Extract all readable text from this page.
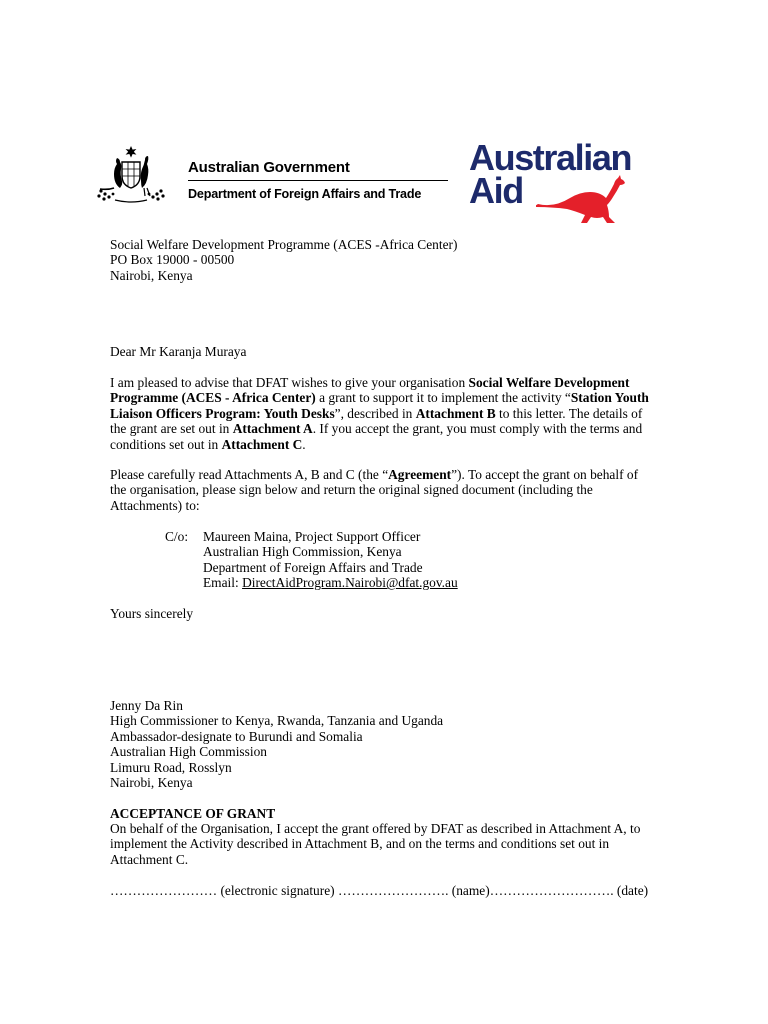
Australian Government
Department of Foreign Affairs and Trade
Australian
Aid
Social Welfare Development Programme (ACES -Africa Center)
PO Box 19000 - 00500
Nairobi, Kenya
Dear Mr Karanja Muraya
I am pleased to advise that DFAT wishes to give your organisation Social Welfare Development
Programme (ACES - Africa Center) a grant to support it to implement the activity “Station Youth
Liaison Officers Program: Youth Desks”, described in Attachment B to this letter. The details of
the grant are set out in Attachment A. If you accept the grant, you must comply with the terms and
conditions set out in Attachment C.
Please carefully read Attachments A, B and C (the “Agreement”). To accept the grant on behalf of
the organisation, please sign below and return the original signed document (including the
Attachments) to:
C/o: Maureen Maina, Project Support Officer
Australian High Commission, Kenya
Department of Foreign Affairs and Trade
Email: DirectAidProgram.Nairobi@dfat.gov.au
Yours sincerely
Jenny Da Rin
High Commissioner to Kenya, Rwanda, Tanzania and Uganda
Ambassador-designate to Burundi and Somalia
Australian High Commission
Limuru Road, Rosslyn
Nairobi, Kenya
ACCEPTANCE OF GRANT
On behalf of the Organisation, I accept the grant offered by DFAT as described in Attachment A, to
implement the Activity described in Attachment B, and on the terms and conditions set out in
Attachment C.
…………………… (electronic signature) ……………………. (name)………………………. (date)
